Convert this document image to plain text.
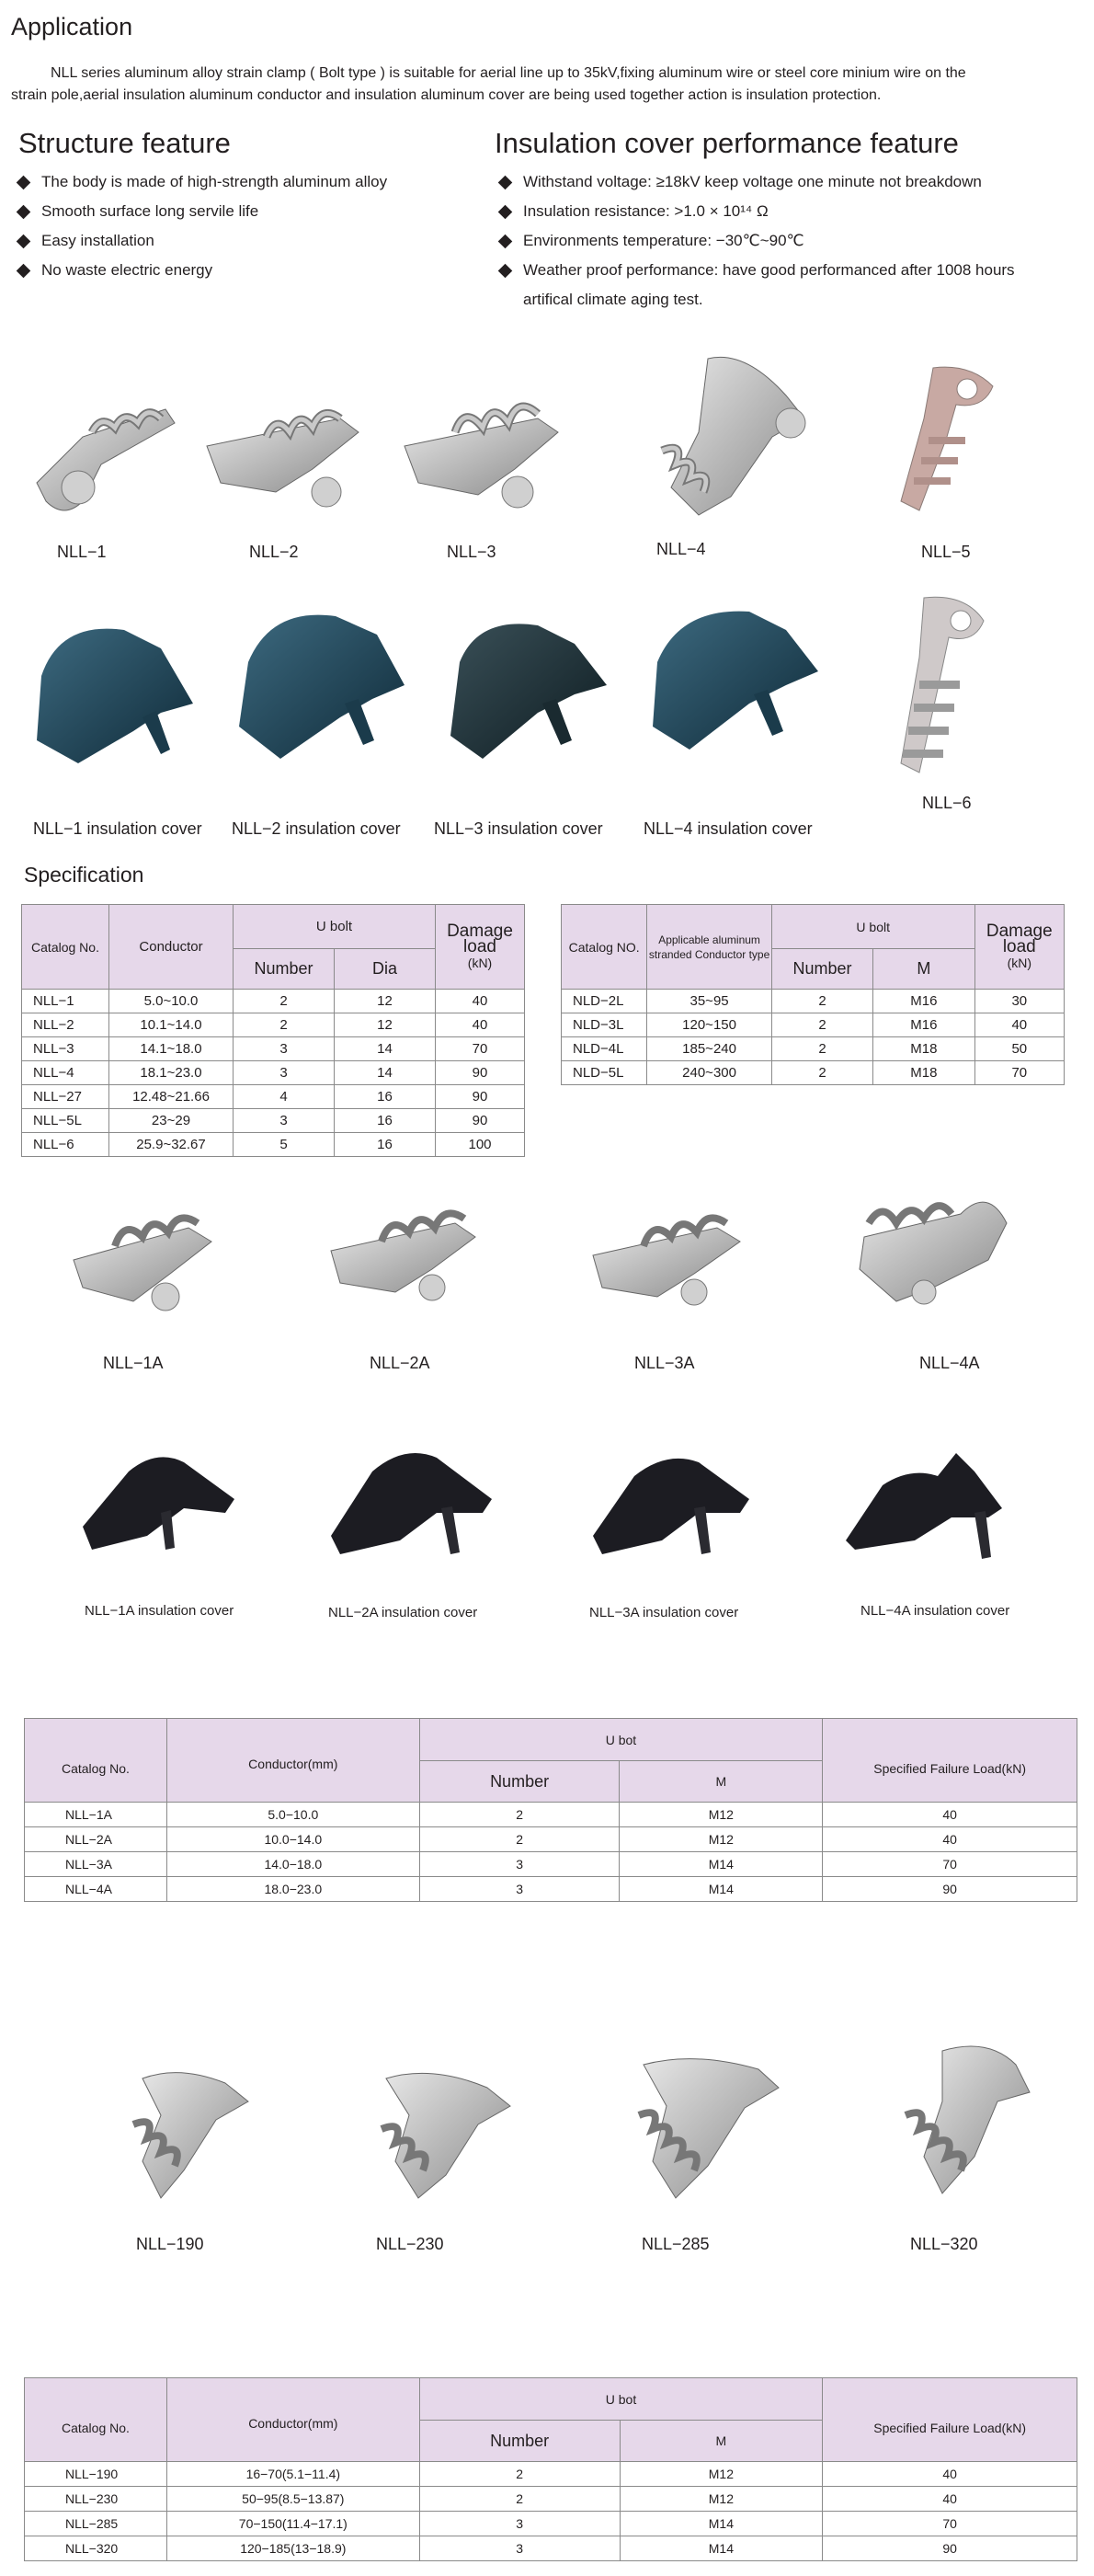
Application
NLL series aluminum alloy strain clamp ( Bolt type ) is suitable for aerial line up to 35kV,fixing aluminum wire or steel core minium wire on the
strain pole,aerial insulation aluminum conductor and insulation aluminum cover are being used together action is insulation protection.
Structure feature
The body is made of high-strength aluminum alloy
Smooth surface long servile life
Easy installation
No waste electric energy
Insulation cover performance feature
Withstand voltage: ≥18kV keep voltage one minute not breakdown
Insulation resistance: >1.0 × 10¹⁴ Ω
Environments temperature: −30℃~90℃
Weather proof performance: have good performanced after 1008 hours
artifical climate aging test.
NLL−1	NLL−2	NLL−3	NLL−4	NLL−5
NLL−1 insulation cover NLL−2 insulation cover NLL−3 insulation cover NLL−4 insulation cover
NLL−6
Specification
Catalog No.	Conductor	U bolt		Damage load
(kN)
		Number	Dia	
NLL−1	5.0~10.0	2	12	40
NLL−2	10.1~14.0	2	12	40
NLL−3	14.1~18.0	3	14	70
NLL−4	18.1~23.0	3	14	90
NLL−27	12.48~21.66	4	16	90
NLL−5L	23~29	3	16	90
NLL−6	25.9~32.67	5	16	100
Catalog NO.	Applicable aluminum
stranded Conductor type	U bolt		Damage load
(kN)
		Number	M	
NLD−2L	35~95	2	M16	30
NLD−3L	120~150	2	M16	40
NLD−4L	185~240	2	M18	50
NLD−5L	240~300	2	M18	70
NLL−1A	NLL−2A	NLL−3A	NLL−4A
NLL−1A insulation cover	NLL−2A insulation cover	NLL−3A insulation cover	NLL−4A insulation cover
Catalog No.	Conductor(mm)	U bot		Specified Failure Load(kN)
		Number	M	
NLL−1A	5.0−10.0	2	M12	40
NLL−2A	10.0−14.0	2	M12	40
NLL−3A	14.0−18.0	3	M14	70
NLL−4A	18.0−23.0	3	M14	90
NLL−190	NLL−230	NLL−285	NLL−320
Catalog No.	Conductor(mm)	U bot		Specified Failure Load(kN)
		Number	M	
NLL−190	16−70(5.1−11.4)	2	M12	40
NLL−230	50−95(8.5−13.87)	2	M12	40
NLL−285	70−150(11.4−17.1)	3	M14	70
NLL−320	120−185(13−18.9)	3	M14	90
